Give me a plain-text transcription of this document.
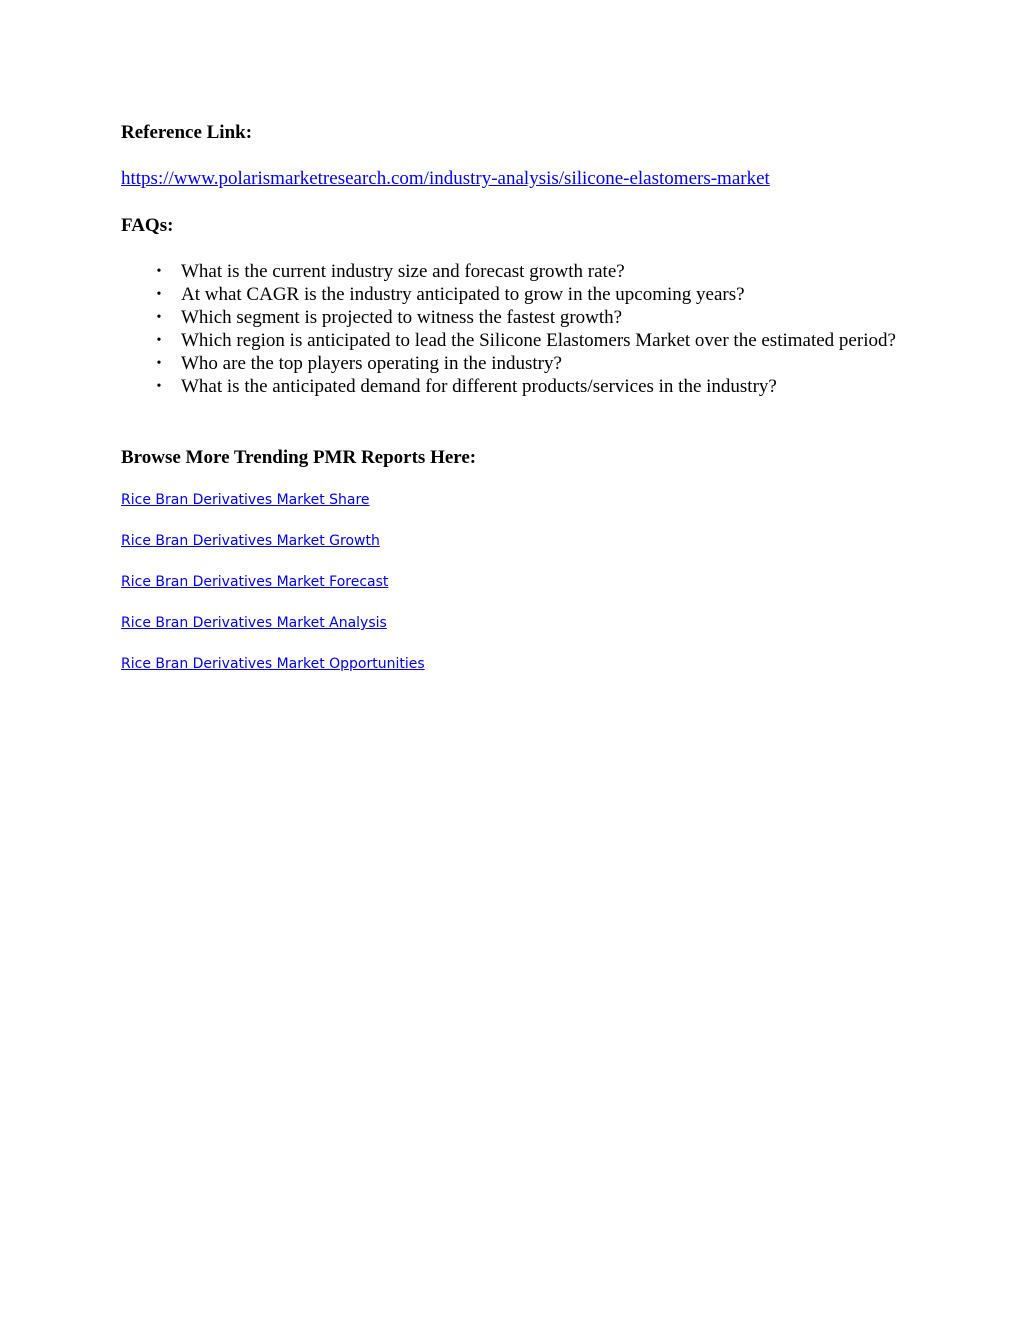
Reference Link:
https://www.polarismarketresearch.com/industry-analysis/silicone-elastomers-market
FAQs:
• What is the current industry size and forecast growth rate?
• At what CAGR is the industry anticipated to grow in the upcoming years?
• Which segment is projected to witness the fastest growth?
• Which region is anticipated to lead the Silicone Elastomers Market over the estimated period?
• Who are the top players operating in the industry?
• What is the anticipated demand for different products/services in the industry?
Browse More Trending PMR Reports Here:
Rice Bran Derivatives Market Share
Rice Bran Derivatives Market Growth
Rice Bran Derivatives Market Forecast
Rice Bran Derivatives Market Analysis
Rice Bran Derivatives Market Opportunities
